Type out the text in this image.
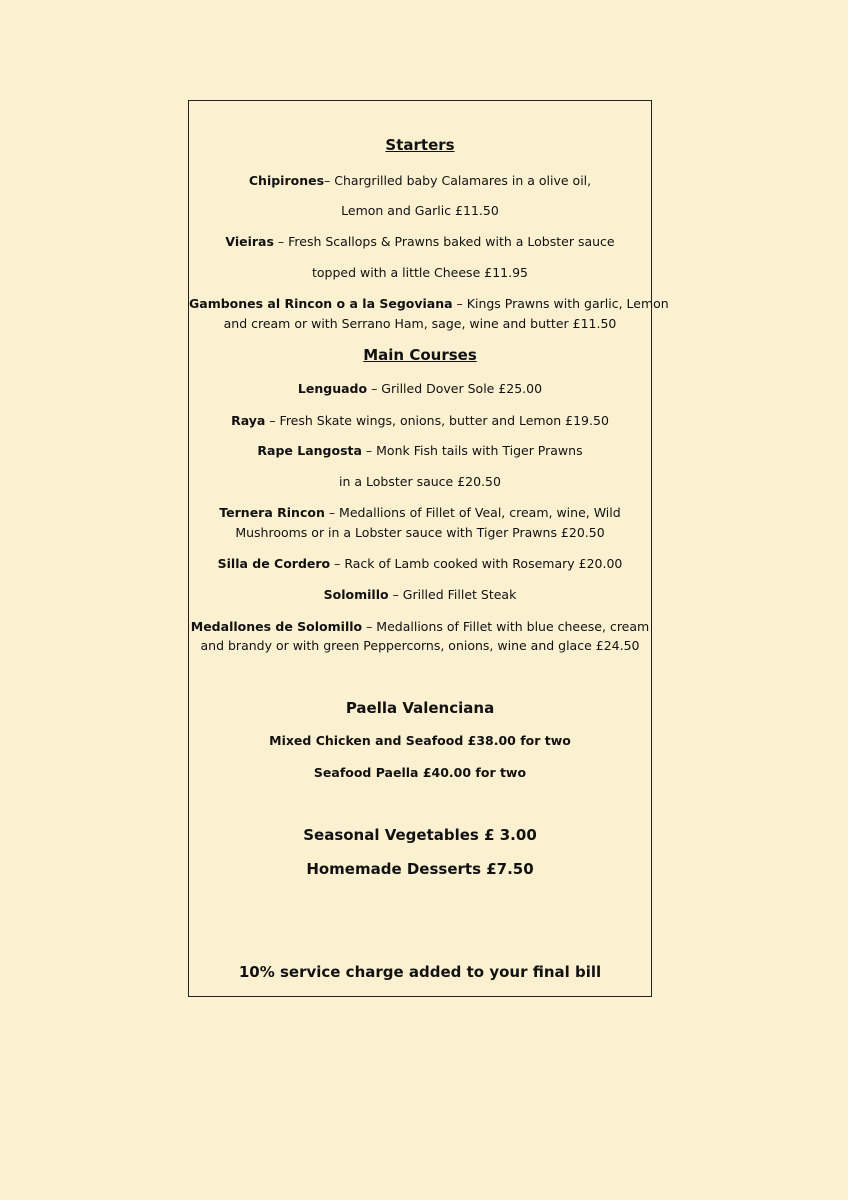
Starters
Chipirones– Chargrilled baby Calamares in a olive oil,
Lemon and Garlic £11.50
Vieiras – Fresh Scallops & Prawns baked with a Lobster sauce
topped with a little Cheese £11.95
Gambones al Rincon o a la Segoviana – Kings Prawns with garlic, Lemon
and cream or with Serrano Ham, sage, wine and butter £11.50
Main Courses
Lenguado – Grilled Dover Sole £25.00
Raya – Fresh Skate wings, onions, butter and Lemon £19.50
Rape Langosta – Monk Fish tails with Tiger Prawns
in a Lobster sauce £20.50
Ternera Rincon – Medallions of Fillet of Veal, cream, wine, Wild
Mushrooms or in a Lobster sauce with Tiger Prawns £20.50
Silla de Cordero – Rack of Lamb cooked with Rosemary £20.00
Solomillo – Grilled Fillet Steak
Medallones de Solomillo – Medallions of Fillet with blue cheese, cream
and brandy or with green Peppercorns, onions, wine and glace £24.50
Paella Valenciana
Mixed Chicken and Seafood £38.00 for two
Seafood Paella £40.00 for two
Seasonal Vegetables £ 3.00
Homemade Desserts £7.50
10% service charge added to your final bill
